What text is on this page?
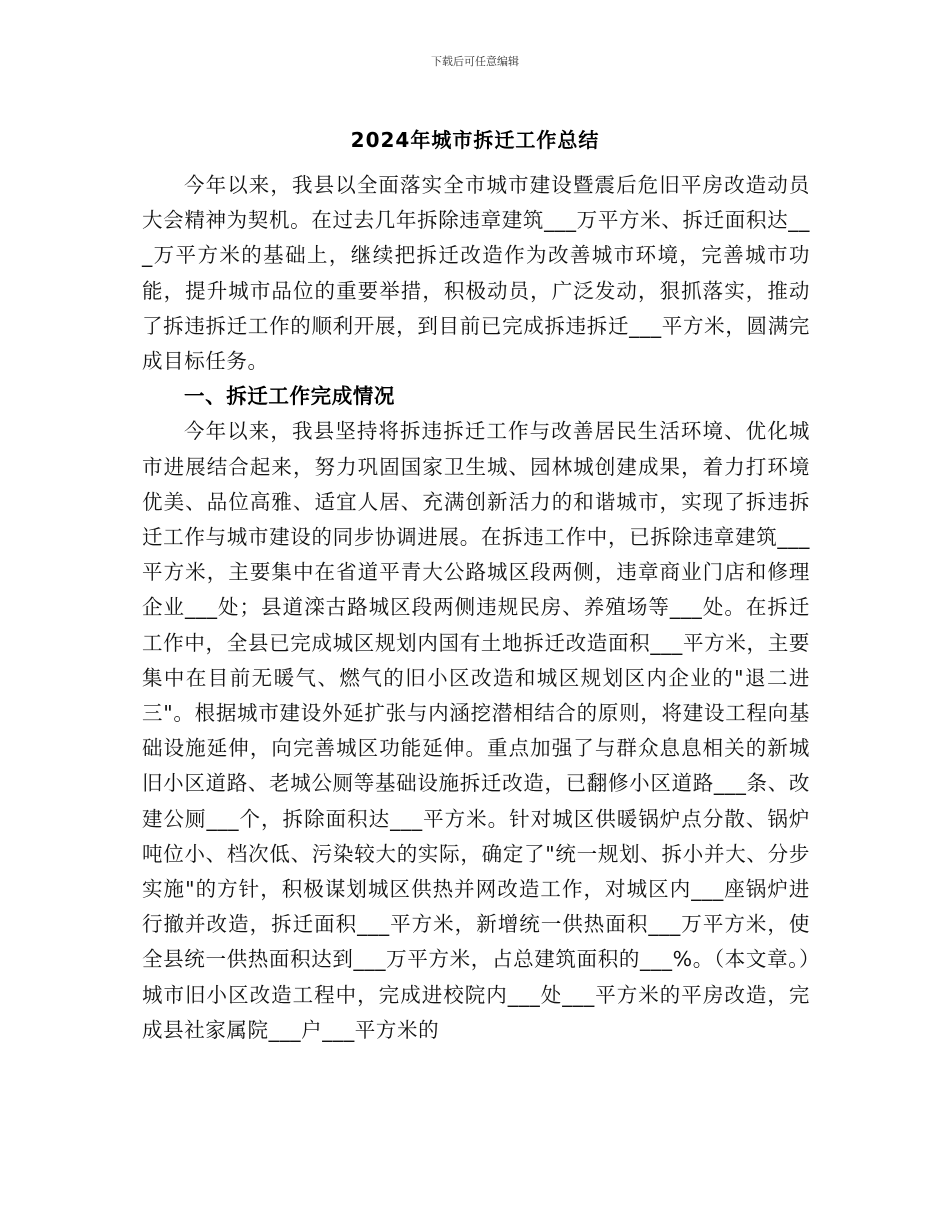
下载后可任意编辑
2024年城市拆迁工作总结

今年以来，我县以全面落实全市城市建设暨震后危旧平房改造动员大会精神为契机。在过去几年拆除违章建筑___万平方米、拆迁面积达___万平方米的基础上，继续把拆迁改造作为改善城市环境，完善城市功能，提升城市品位的重要举措，积极动员，广泛发动，狠抓落实，推动了拆违拆迁工作的顺利开展，到目前已完成拆违拆迁___平方米，圆满完成目标任务。

一、拆迁工作完成情况

今年以来，我县坚持将拆违拆迁工作与改善居民生活环境、优化城市进展结合起来，努力巩固国家卫生城、园林城创建成果，着力打环境优美、品位高雅、适宜人居、充满创新活力的和谐城市，实现了拆违拆迁工作与城市建设的同步协调进展。在拆违工作中，已拆除违章建筑___平方米，主要集中在省道平青大公路城区段两侧，违章商业门店和修理企业___处；县道滦古路城区段两侧违规民房、养殖场等___处。在拆迁工作中，全县已完成城区规划内国有土地拆迁改造面积___平方米，主要集中在目前无暖气、燃气的旧小区改造和城区规划区内企业的"退二进三"。根据城市建设外延扩张与内涵挖潜相结合的原则，将建设工程向基础设施延伸，向完善城区功能延伸。重点加强了与群众息息相关的新城旧小区道路、老城公厕等基础设施拆迁改造，已翻修小区道路___条、改建公厕___个，拆除面积达___平方米。针对城区供暖锅炉点分散、锅炉吨位小、档次低、污染较大的实际，确定了"统一规划、拆小并大、分步实施"的方针，积极谋划城区供热并网改造工作，对城区内___座锅炉进行撤并改造，拆迁面积___平方米，新增统一供热面积___万平方米，使全县统一供热面积达到___万平方米，占总建筑面积的___%。（本文章。）城市旧小区改造工程中，完成进校院内___处___平方米的平房改造，完成县社家属院___户___平方米的
